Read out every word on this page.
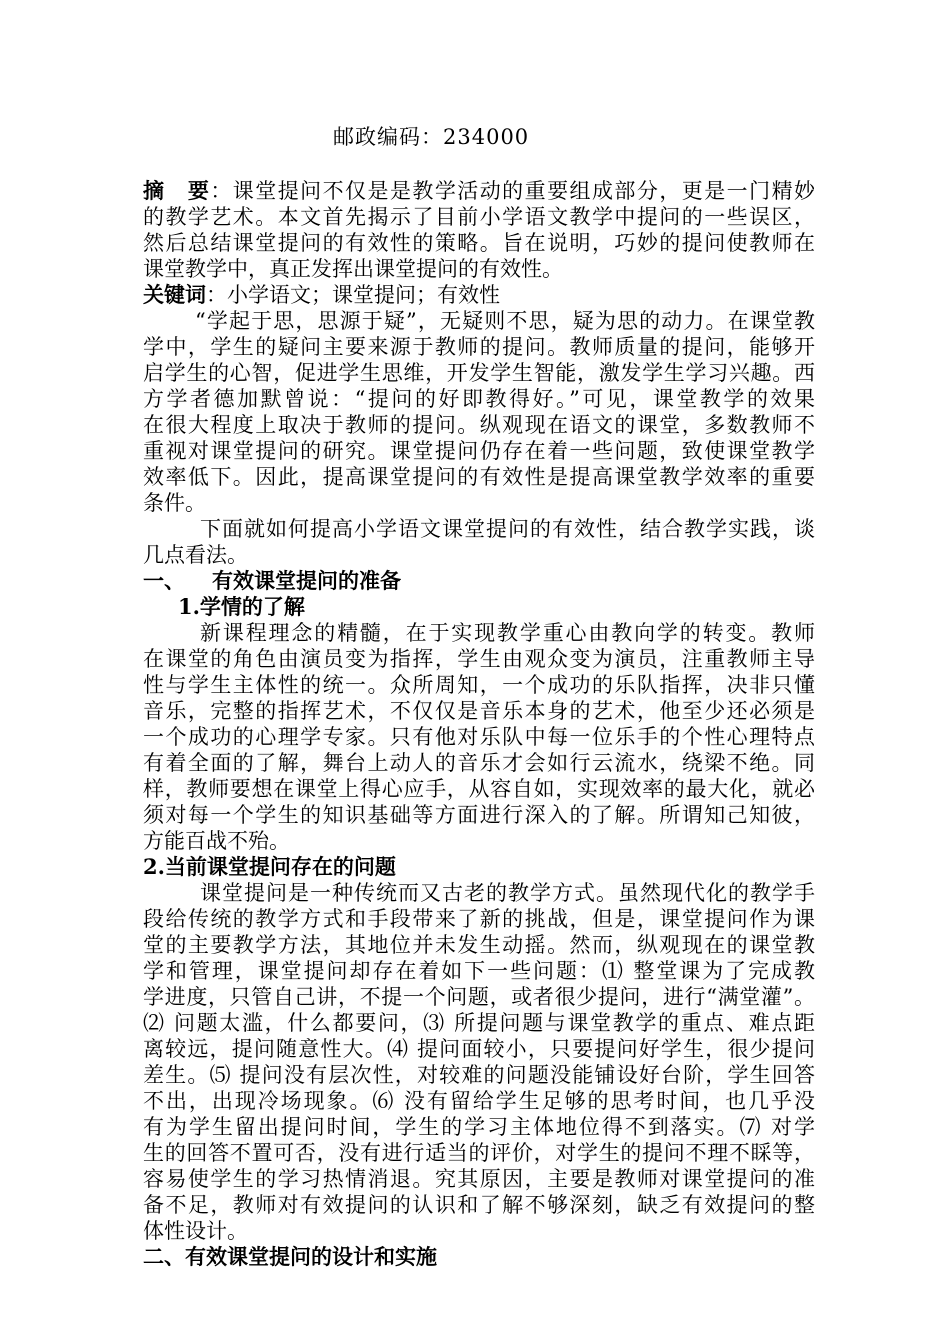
邮政编码：234000
摘　要：课堂提问不仅是是教学活动的重要组成部分，更是一门精妙
的教学艺术。本文首先揭示了目前小学语文教学中提问的一些误区，
然后总结课堂提问的有效性的策略。旨在说明，巧妙的提问使教师在
课堂教学中，真正发挥出课堂提问的有效性。
关键词：小学语文；课堂提问；有效性
“学起于思，思源于疑”，无疑则不思，疑为思的动力。在课堂教
学中，学生的疑问主要来源于教师的提问。教师质量的提问，能够开
启学生的心智，促进学生思维，开发学生智能，激发学生学习兴趣。西
方学者德加默曾说：“提问的好即教得好。”可见，课堂教学的效果
在很大程度上取决于教师的提问。纵观现在语文的课堂，多数教师不
重视对课堂提问的研究。课堂提问仍存在着一些问题，致使课堂教学
效率低下。因此，提高课堂提问的有效性是提高课堂教学效率的重要
条件。
下面就如何提高小学语文课堂提问的有效性，结合教学实践，谈
几点看法。
一、 有效课堂提问的准备
1.学情的了解
新课程理念的精髓，在于实现教学重心由教向学的转变。教师
在课堂的角色由演员变为指挥，学生由观众变为演员，注重教师主导
性与学生主体性的统一。众所周知，一个成功的乐队指挥，决非只懂
音乐，完整的指挥艺术，不仅仅是音乐本身的艺术，他至少还必须是
一个成功的心理学专家。只有他对乐队中每一位乐手的个性心理特点
有着全面的了解，舞台上动人的音乐才会如行云流水，绕梁不绝。同
样，教师要想在课堂上得心应手，从容自如，实现效率的最大化，就必
须对每一个学生的知识基础等方面进行深入的了解。所谓知己知彼，
方能百战不殆。
2.当前课堂提问存在的问题
课堂提问是一种传统而又古老的教学方式。虽然现代化的教学手
段给传统的教学方式和手段带来了新的挑战，但是，课堂提问作为课
堂的主要教学方法，其地位并未发生动摇。然而，纵观现在的课堂教
学和管理，课堂提问却存在着如下一些问题：⑴ 整堂课为了完成教
学进度，只管自己讲，不提一个问题，或者很少提问，进行“满堂灌”。
⑵ 问题太滥，什么都要问，⑶ 所提问题与课堂教学的重点、难点距
离较远，提问随意性大。⑷ 提问面较小，只要提问好学生，很少提问
差生。⑸ 提问没有层次性，对较难的问题没能铺设好台阶，学生回答
不出，出现冷场现象。⑹ 没有留给学生足够的思考时间，也几乎没
有为学生留出提问时间，学生的学习主体地位得不到落实。⑺ 对学
生的回答不置可否，没有进行适当的评价，对学生的提问不理不睬等，
容易使学生的学习热情消退。究其原因，主要是教师对课堂提问的准
备不足，教师对有效提问的认识和了解不够深刻，缺乏有效提问的整
体性设计。
二、有效课堂提问的设计和实施
